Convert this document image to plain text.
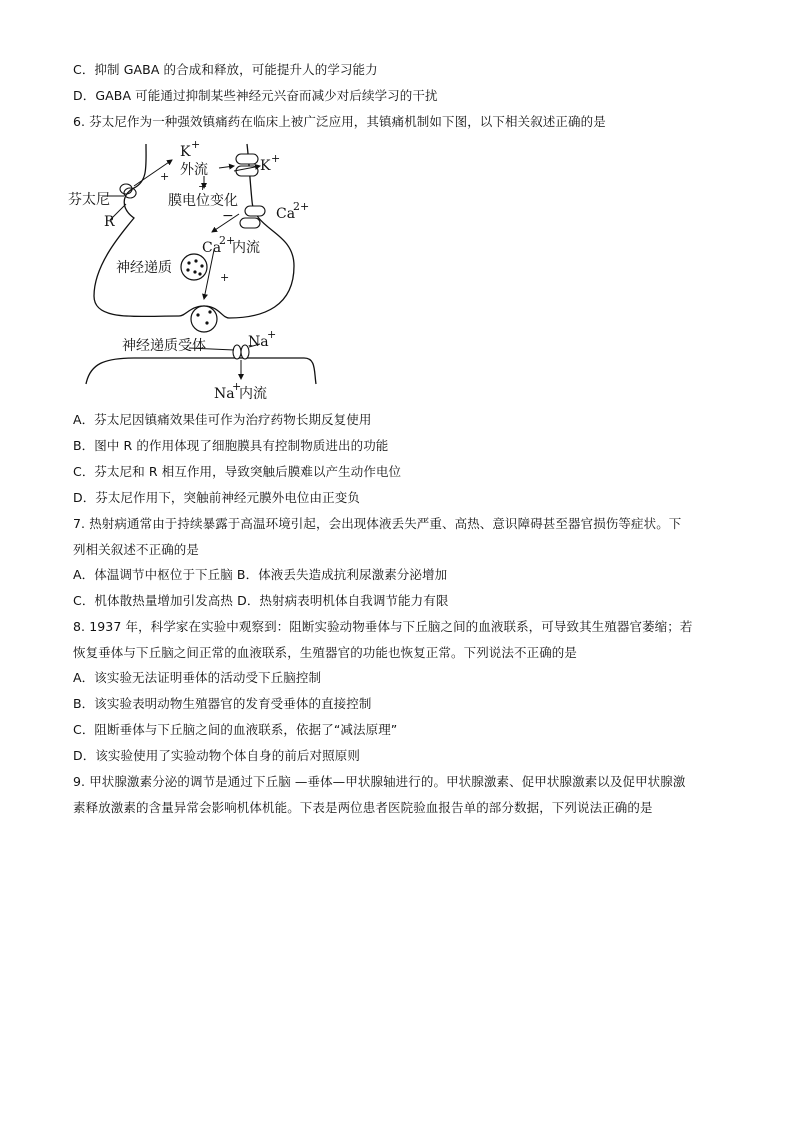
C．抑制 GABA 的合成和释放，可能提升人的学习能力
D．GABA 可能通过抑制某些神经元兴奋而减少对后续学习的干扰
6. 芬太尼作为一种强效镇痛药在临床上被广泛应用，其镇痛机制如下图，以下相关叙述正确的是
芬太尼
R
+
K +
外流	K +
+
膜电位变化
−	Ca
2+
Ca
2+
内流
神经递质
+
神经递质受体	Na
+
Na
+
内流
A．芬太尼因镇痛效果佳可作为治疗药物长期反复使用
B．图中 R 的作用体现了细胞膜具有控制物质进出的功能
C．芬太尼和 R 相互作用，导致突触后膜难以产生动作电位
D．芬太尼作用下，突触前神经元膜外电位由正变负
7. 热射病通常由于持续暴露于高温环境引起，会出现体液丢失严重、高热、意识障碍甚至器官损伤等症状。下
列相关叙述不正确的是
A．体温调节中枢位于下丘脑 B．体液丢失造成抗利尿激素分泌增加
C．机体散热量增加引发高热 D．热射病表明机体自我调节能力有限
8. 1937 年，科学家在实验中观察到：阻断实验动物垂体与下丘脑之间的血液联系，可导致其生殖器官萎缩；若
恢复垂体与下丘脑之间正常的血液联系，生殖器官的功能也恢复正常。下列说法不正确的是
A．该实验无法证明垂体的活动受下丘脑控制
B．该实验表明动物生殖器官的发育受垂体的直接控制
C．阻断垂体与下丘脑之间的血液联系，依据了“减法原理”
D．该实验使用了实验动物个体自身的前后对照原则
9. 甲状腺激素分泌的调节是通过下丘脑 —垂体—甲状腺轴进行的。甲状腺激素、促甲状腺激素以及促甲状腺激
素释放激素的含量异常会影响机体机能。下表是两位患者医院验血报告单的部分数据，下列说法正确的是
